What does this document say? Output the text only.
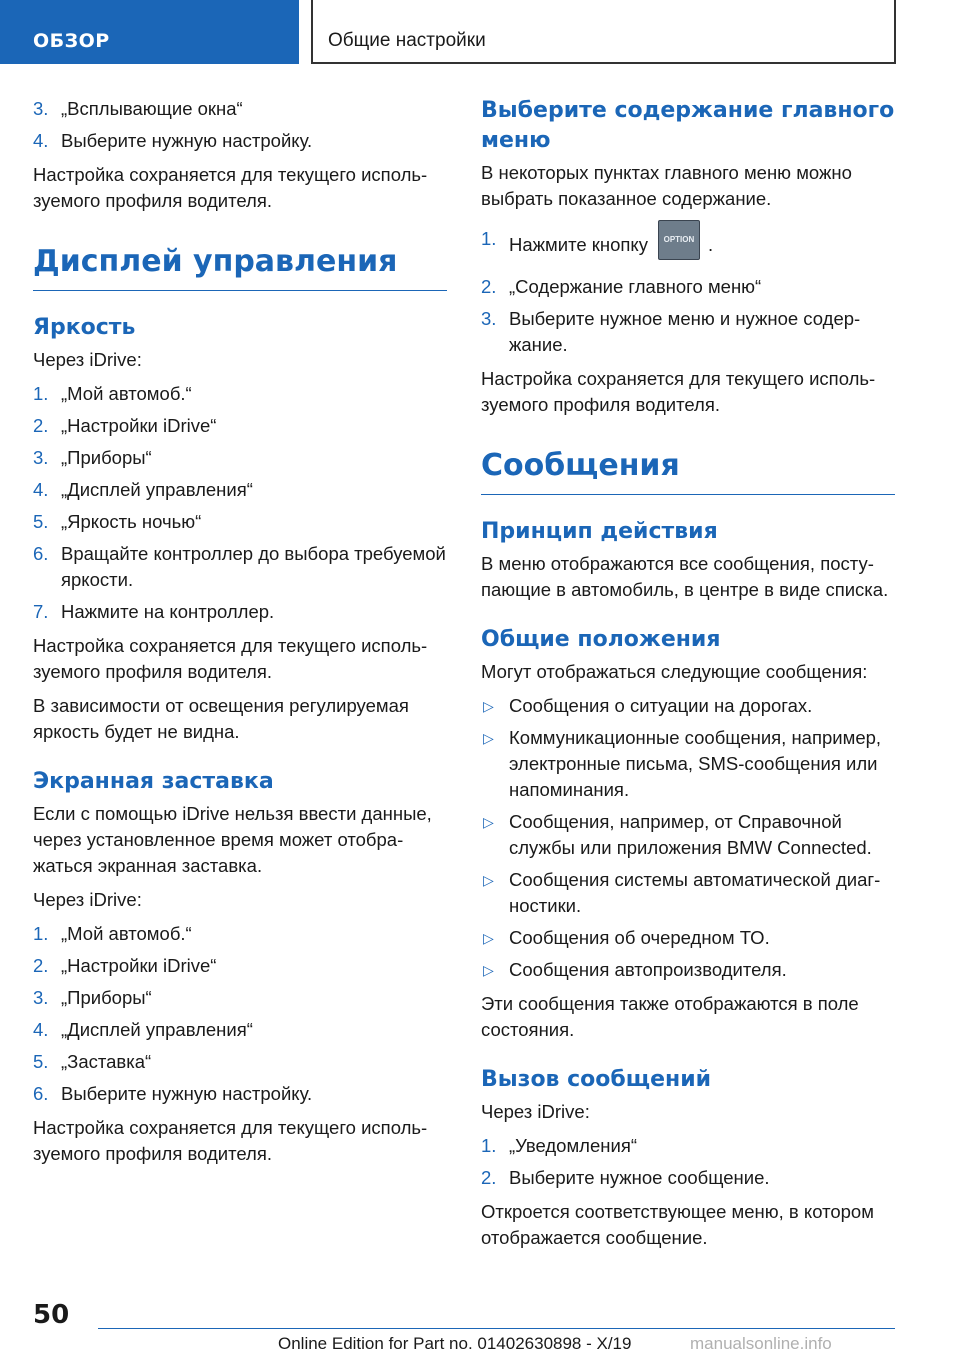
ОБЗОР	Общие настройки
3. „Всплывающие окна“
4. Выберите нужную настройку.

Настройка сохраняется для текущего используемого профиля водителя.

Дисплей управления
Яркость

Через iDrive:

1. „Мой автомоб.“
2. „Настройки iDrive“
3. „Приборы“
4. „Дисплей управления“
5. „Яркость ночью“
6. Вращайте контроллер до выбора требуемой яркости.
7. Нажмите на контроллер.

Настройка сохраняется для текущего используемого профиля водителя.

В зависимости от освещения регулируемая яркость будет не видна.

Экранная заставка

Если с помощью iDrive нельзя ввести данные, через установленное время может отображаться экранная заставка.

Через iDrive:

1. „Мой автомоб.“
2. „Настройки iDrive“
3. „Приборы“
4. „Дисплей управления“
5. „Заставка“
6. Выберите нужную настройку.

Настройка сохраняется для текущего используемого профиля водителя.

Выберите содержание главного меню

В некоторых пунктах главного меню можно выбрать показанное содержание.

1. Нажмите кнопку OPTION .
2. „Содержание главного меню“
3. Выберите нужное меню и нужное содержание.

Настройка сохраняется для текущего используемого профиля водителя.

Сообщения
Принцип действия

В меню отображаются все сообщения, поступающие в автомобиль, в центре в виде списка.

Общие положения

Могут отображаться следующие сообщения:

▷ Сообщения о ситуации на дорогах.
▷ Коммуникационные сообщения, например, электронные письма, SMS-сообщения или напоминания.
▷ Сообщения, например, от Справочной службы или приложения BMW Connected.
▷ Сообщения системы автоматической диагностики.
▷ Сообщения об очередном ТО.
▷ Сообщения автопроизводителя.

Эти сообщения также отображаются в поле состояния.

Вызов сообщений

Через iDrive:

1. „Уведомления“
2. Выберите нужное сообщение.

Откроется соответствующее меню, в котором отображается сообщение.

50
Online Edition for Part no. 01402630898 - X/19	manualsonline.info
